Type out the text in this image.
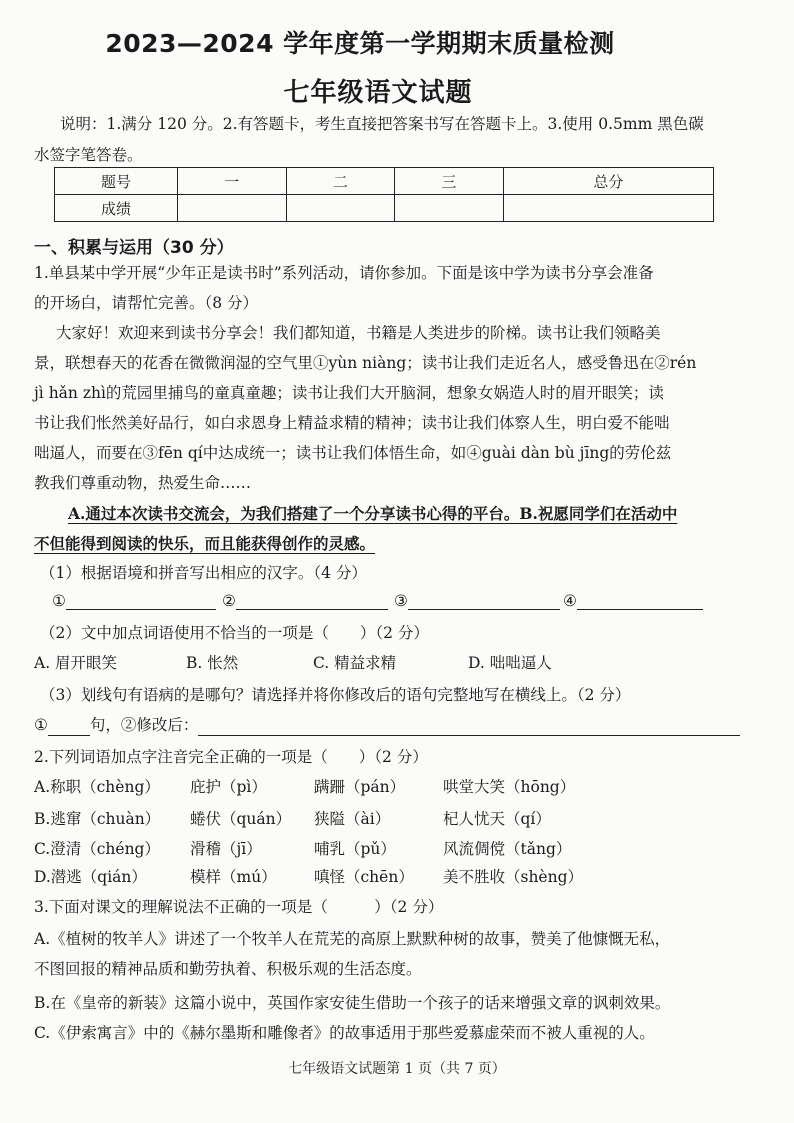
2023—2024 学年度第一学期期末质量检测
七年级语文试题
说明：1.满分 120 分。2.有答题卡，考生直接把答案书写在答题卡上。3.使用 0.5mm 黑色碳
水签字笔答卷。
题号	一	二	三	总分
成绩				
一、积累与运用（30 分）
1.单县某中学开展“少年正是读书时”系列活动，请你参加。下面是该中学为读书分享会准备
的开场白，请帮忙完善。（8 分）
大家好！欢迎来到读书分享会！我们都知道，书籍是人类进步的阶梯。读书让我们领略美
景，联想春天的花香在微微润湿的空气里①yùn niàng；读书让我们走近名人，感受鲁迅在②rén
jì hǎn zhì的荒园里捕鸟的童真童趣；读书让我们大开脑洞，想象女娲造人时的眉开眼笑；读
书让我们怅然美好品行，如白求恩身上精益求精的精神；读书让我们体察人生，明白爱不能咄
咄逼人，而要在③fēn qí中达成统一；读书让我们体悟生命，如④guài dàn bù jīng的劳伦兹
教我们尊重动物，热爱生命……
A.通过本次读书交流会，为我们搭建了一个分享读书心得的平台。B.祝愿同学们在活动中
不但能得到阅读的快乐，而且能获得创作的灵感。
（1）根据语境和拼音写出相应的汉字。（4 分）
①	②	③	④
（2）文中加点词语使用不恰当的一项是（　　）（2 分）
A. 眉开眼笑	B. 怅然	C. 精益求精	D. 咄咄逼人
（3）划线句有语病的是哪句？请选择并将你修改后的语句完整地写在横线上。（2 分）
①	句，②修改后：
2.下列词语加点字注音完全正确的一项是（　　）（2 分）
A.称职（chèng） 庇护（pì）	蹒跚（pán） 哄堂大笑（hōng）
B.逃窜（chuàn） 蜷伏（quán） 狭隘（ài）	杞人忧天（qí）
C.澄清（chéng） 滑稽（jī）	哺乳（pǔ）	风流倜傥（tǎng）
D.潜逃（qián）	模样（mú） 嗔怪（chēn） 美不胜收（shèng）
3.下面对课文的理解说法不正确的一项是（　　　）（2 分）
A.《植树的牧羊人》讲述了一个牧羊人在荒芜的高原上默默种树的故事，赞美了他慷慨无私，
不图回报的精神品质和勤劳执着、积极乐观的生活态度。
B.在《皇帝的新装》这篇小说中，英国作家安徒生借助一个孩子的话来增强文章的讽刺效果。
C.《伊索寓言》中的《赫尔墨斯和雕像者》的故事适用于那些爱慕虚荣而不被人重视的人。
七年级语文试题第 1 页（共 7 页）
